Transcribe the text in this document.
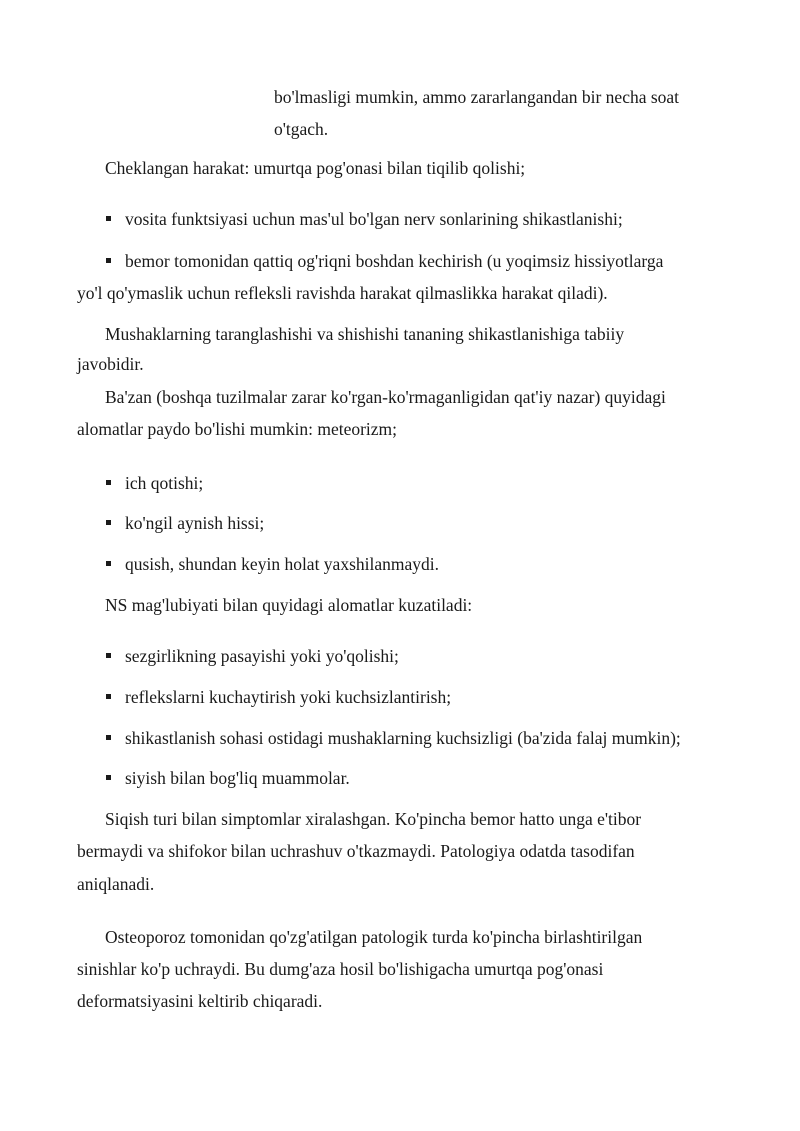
bo'lmasligi mumkin, ammo zararlangandan bir necha soat

o'tgach.

Cheklangan harakat: umurtqa pog'onasi bilan tiqilib qolishi;

vosita funktsiyasi uchun mas'ul bo'lgan nerv sonlarining shikastlanishi;

bemor tomonidan qattiq og'riqni boshdan kechirish (u yoqimsiz hissiyotlarga

yo'l qo'ymaslik uchun refleksli ravishda harakat qilmaslikka harakat qiladi).

Mushaklarning taranglashishi va shishishi tananing shikastlanishiga tabiiy

javobidir.

Ba'zan (boshqa tuzilmalar zarar ko'rgan-ko'rmaganligidan qat'iy nazar) quyidagi

alomatlar paydo bo'lishi mumkin: meteorizm;

ich qotishi;

ko'ngil aynish hissi;

qusish, shundan keyin holat yaxshilanmaydi.

NS mag'lubiyati bilan quyidagi alomatlar kuzatiladi:

sezgirlikning pasayishi yoki yo'qolishi;

reflekslarni kuchaytirish yoki kuchsizlantirish;

shikastlanish sohasi ostidagi mushaklarning kuchsizligi (ba'zida falaj mumkin);

siyish bilan bog'liq muammolar.

Siqish turi bilan simptomlar xiralashgan. Ko'pincha bemor hatto unga e'tibor

bermaydi va shifokor bilan uchrashuv o'tkazmaydi. Patologiya odatda tasodifan

aniqlanadi.

Osteoporoz tomonidan qo'zg'atilgan patologik turda ko'pincha birlashtirilgan

sinishlar ko'p uchraydi. Bu dumg'aza hosil bo'lishigacha umurtqa pog'onasi

deformatsiyasini keltirib chiqaradi.
